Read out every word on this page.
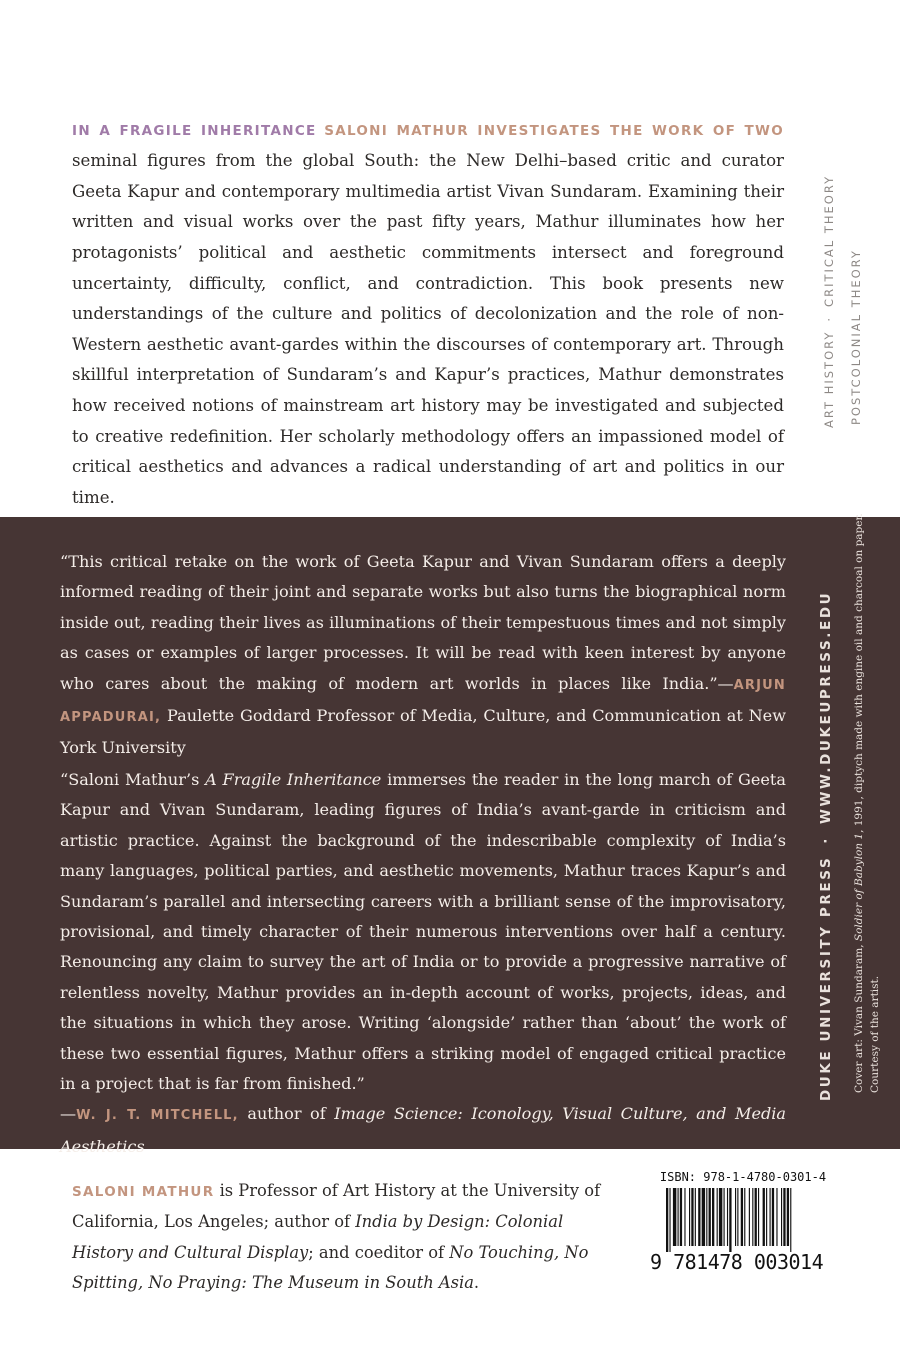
IN A FRAGILE INHERITANCE SALONI MATHUR INVESTIGATES THE WORK OF TWO seminal figures from the global South: the New Delhi–based critic and curator Geeta Kapur and contemporary multimedia artist Vivan Sundaram. Examining their written and visual works over the past fifty years, Mathur illuminates how her protagonists’ political and aesthetic commitments intersect and foreground uncertainty, difficulty, conflict, and contradiction. This book presents new understandings of the culture and politics of decolonization and the role of non-Western aesthetic avant-gardes within the discourses of contemporary art. Through skillful interpretation of Sundaram’s and Kapur’s practices, Mathur demonstrates how received notions of mainstream art history may be investigated and subjected to creative redefinition. Her scholarly methodology offers an impassioned model of critical aesthetics and advances a radical understanding of art and politics in our time.

ART HISTORY·CRITICAL THEORY
POSTCOLONIAL THEORY

“This critical retake on the work of Geeta Kapur and Vivan Sundaram offers a deeply informed reading of their joint and separate works but also turns the biographical norm inside out, reading their lives as illuminations of their tempestuous times and not simply as cases or examples of larger processes. It will be read with keen interest by anyone who cares about the making of modern art worlds in places like India.”—ARJUN APPADURAI, Paulette Goddard Professor of Media, Culture, and Communication at New York University

“Saloni Mathur’s A Fragile Inheritance immerses the reader in the long march of Geeta Kapur and Vivan Sundaram, leading figures of India’s avant-garde in criticism and artistic practice. Against the background of the indescribable complexity of India’s many languages, political parties, and aesthetic movements, Mathur traces Kapur’s and Sundaram’s parallel and intersecting careers with a brilliant sense of the improvisatory, provisional, and timely character of their numerous interventions over half a century. Renouncing any claim to survey the art of India or to provide a progressive narrative of relentless novelty, Mathur provides an in-depth account of works, projects, ideas, and the situations in which they arose. Writing ‘alongside’ rather than ‘about’ the work of these two essential figures, Mathur offers a striking model of engaged critical practice in a project that is far from finished.”
—W. J. T. MITCHELL, author of Image Science: Iconology, Visual Culture, and Media Aesthetics

DUKE UNIVERSITY PRESS·WWW.DUKEUPRESS.EDU
Cover art: Vivan Sundaram, Soldier of Babylon 1, 1991, diptych made with engine oil and charcoal on paper.
Courtesy of the artist.

SALONI MATHUR is Professor of Art History at the University of California, Los Angeles; author of India by Design: Colonial History and Cultural Display; and coeditor of No Touching, No Spitting, No Praying: The Museum in South Asia.

ISBN: 978-1-4780-0301-4
9 781478 003014
